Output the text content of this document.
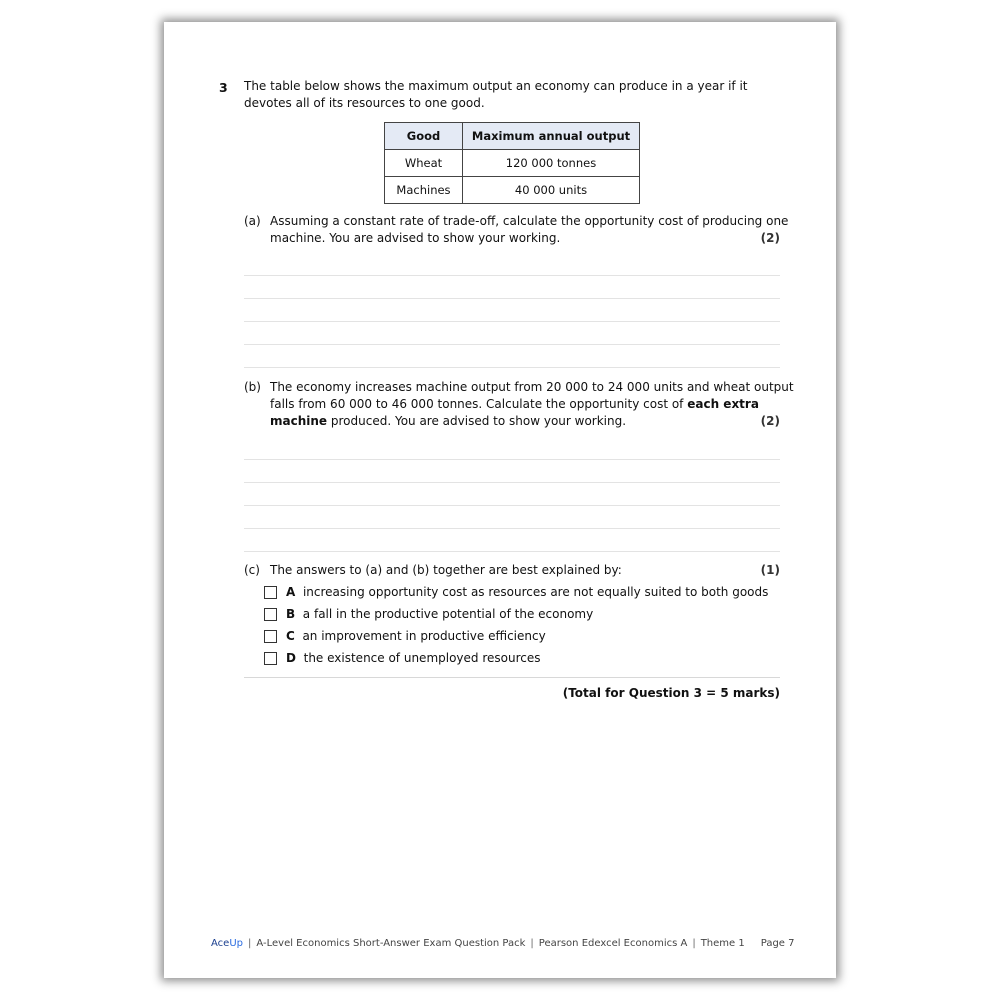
3 The table below shows the maximum output an economy can produce in a year if it
devotes all of its resources to one good.
Good	Maximum annual output
Wheat	120 000 tonnes
Machines	40 000 units
(a) Assuming a constant rate of trade-off, calculate the opportunity cost of producing one
machine. You are advised to show your working.	(2)
(b) The economy increases machine output from 20 000 to 24 000 units and wheat output
falls from 60 000 to 46 000 tonnes. Calculate the opportunity cost of each extra
machine produced. You are advised to show your working.	(2)
(c) The answers to (a) and (b) together are best explained by:	(1)
A increasing opportunity cost as resources are not equally suited to both goods
B a fall in the productive potential of the economy
C an improvement in productive efficiency
D the existence of unemployed resources
(Total for Question 3 = 5 marks)
AceUp | A-Level Economics Short-Answer Exam Question Pack | Pearson Edexcel Economics A | Theme 1 Page 7
